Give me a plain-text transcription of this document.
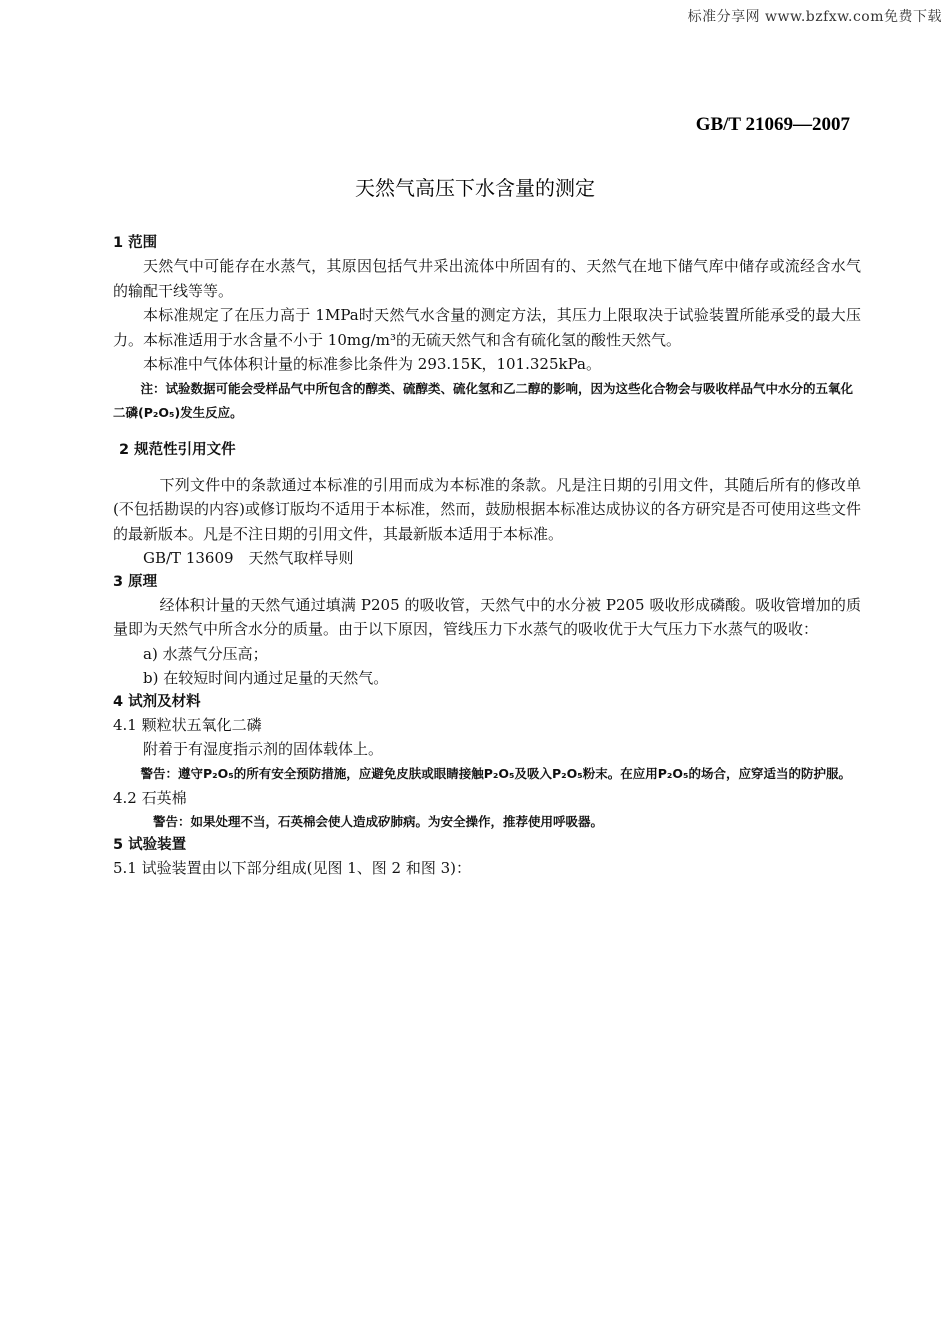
标准分享网 www.bzfxw.com免费下载
GB/T 21069—2007
天然气高压下水含量的测定

1 范围

天然气中可能存在水蒸气，其原因包括气井采出流体中所固有的、天然气在地下储气库中储存或流经含水气的输配干线等等。

本标准规定了在压力高于 1MPa时天然气水含量的测定方法，其压力上限取决于试验装置所能承受的最大压力。本标准适用于水含量不小于 10mg/m³的无硫天然气和含有硫化氢的酸性天然气。

本标准中气体体积计量的标准参比条件为 293.15K，101.325kPa。

注：试验数据可能会受样品气中所包含的醇类、硫醇类、硫化氢和乙二醇的影响，因为这些化合物会与吸收样品气中水分的五氧化二磷(P₂O₅)发生反应。

2 规范性引用文件

下列文件中的条款通过本标准的引用而成为本标准的条款。凡是注日期的引用文件，其随后所有的修改单(不包括勘误的内容)或修订版均不适用于本标准，然而，鼓励根据本标准达成协议的各方研究是否可使用这些文件的最新版本。凡是不注日期的引用文件，其最新版本适用于本标准。

GB/T 13609　天然气取样导则

3 原理

经体积计量的天然气通过填满 P205 的吸收管，天然气中的水分被 P205 吸收形成磷酸。吸收管增加的质量即为天然气中所含水分的质量。由于以下原因，管线压力下水蒸气的吸收优于大气压力下水蒸气的吸收：

a) 水蒸气分压高；

b) 在较短时间内通过足量的天然气。

4 试剂及材料

4.1 颗粒状五氧化二磷

附着于有湿度指示剂的固体载体上。

警告：遵守P₂O₅的所有安全预防措施，应避免皮肤或眼睛接触P₂O₅及吸入P₂O₅粉末。在应用P₂O₅的场合，应穿适当的防护服。

4.2 石英棉

警告：如果处理不当，石英棉会使人造成矽肺病。为安全操作，推荐使用呼吸器。

5 试验装置

5.1 试验装置由以下部分组成(见图 1、图 2 和图 3)：
